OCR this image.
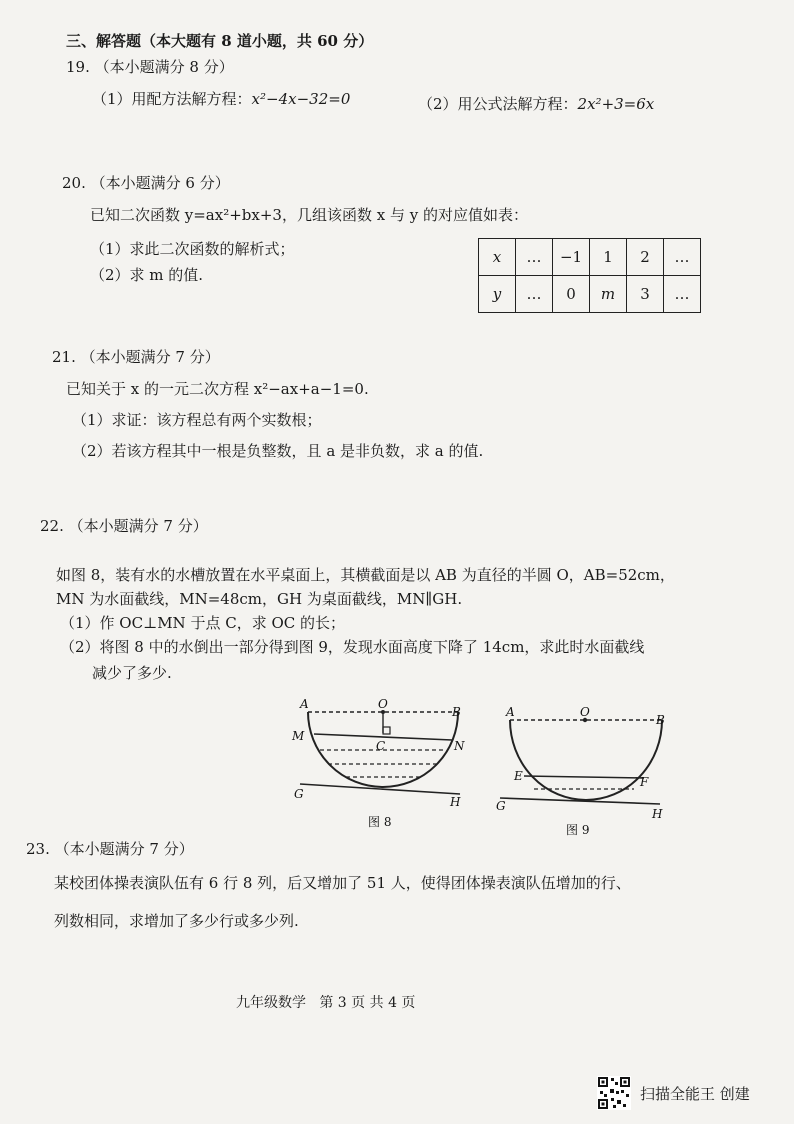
三、解答题（本大题有 8 道小题，共 60 分）
19. （本小题满分 8 分）
（1）用配方法解方程：x²−4x−32=0	（2）用公式法解方程：2x²+3=6x
20. （本小题满分 6 分）
已知二次函数 y=ax²+bx+3，几组该函数 x 与 y 的对应值如表：
（1）求此二次函数的解析式；
（2）求 m 的值.
x	…	−1	1	2	…
y	…	0	m	3	…
21. （本小题满分 7 分）
已知关于 x 的一元二次方程 x²−ax+a−1=0.
（1）求证：该方程总有两个实数根；
（2）若该方程其中一根是负整数，且 a 是非负数，求 a 的值.
22. （本小题满分 7 分）
如图 8，装有水的水槽放置在水平桌面上，其横截面是以 AB 为直径的半圆 O，AB=52cm，
MN 为水面截线，MN=48cm，GH 为桌面截线，MN∥GH.
（1）作 OC⊥MN 于点 C，求 OC 的长；
（2）将图 8 中的水倒出一部分得到图 9，发现水面高度下降了 14cm，求此时水面截线
减少了多少.
A	O
B
M
C	N
G
H
图 8
A	O
B
E	F
G
H
图 9
23. （本小题满分 7 分）
某校团体操表演队伍有 6 行 8 列，后又增加了 51 人，使得团体操表演队伍增加的行、
列数相同，求增加了多少行或多少列.
九年级数学 第 3 页 共 4 页
扫描全能王 创建
